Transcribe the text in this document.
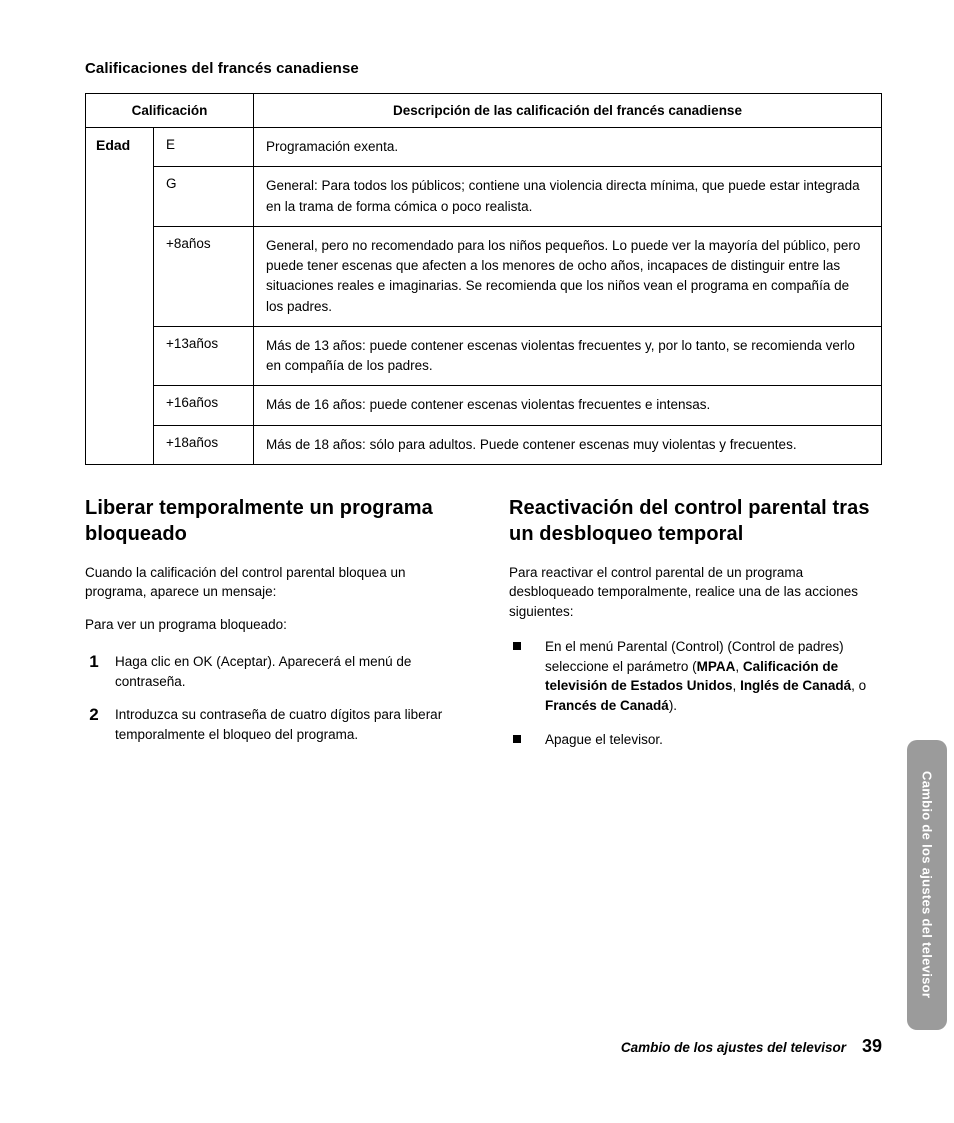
Calificaciones del francés canadiense
Calificación		Descripción de las calificación del francés canadiense
Edad	E	Programación exenta.
	G	General: Para todos los públicos; contiene una violencia directa mínima, que puede estar integrada en la trama de forma cómica o poco realista.
	+8años	General, pero no recomendado para los niños pequeños. Lo puede ver la mayoría del público, pero puede tener escenas que afecten a los menores de ocho años, incapaces de distinguir entre las situaciones reales e imaginarias. Se recomienda que los niños vean el programa en compañía de los padres.
	+13años	Más de 13 años: puede contener escenas violentas frecuentes y, por lo tanto, se recomienda verlo en compañía de los padres.
	+16años	Más de 16 años: puede contener escenas violentas frecuentes e intensas.
	+18años	Más de 18 años: sólo para adultos. Puede contener escenas muy violentas y frecuentes.
Liberar temporalmente un programa bloqueado

Cuando la calificación del control parental bloquea un programa, aparece un mensaje:

Para ver un programa bloqueado:

1	Haga clic en OK (Aceptar). Aparecerá el menú de contraseña.
2	Introduzca su contraseña de cuatro dígitos para liberar temporalmente el bloqueo del programa.
Reactivación del control parental tras un desbloqueo temporal

Para reactivar el control parental de un programa desbloqueado temporalmente, realice una de las acciones siguientes:

En el menú Parental (Control) (Control de padres) seleccione el parámetro (MPAA, Calificación de televisión de Estados Unidos, Inglés de Canadá, o Francés de Canadá).
Apague el televisor.
Cambio de los ajustes del televisor
Cambio de los ajustes del televisor 39
